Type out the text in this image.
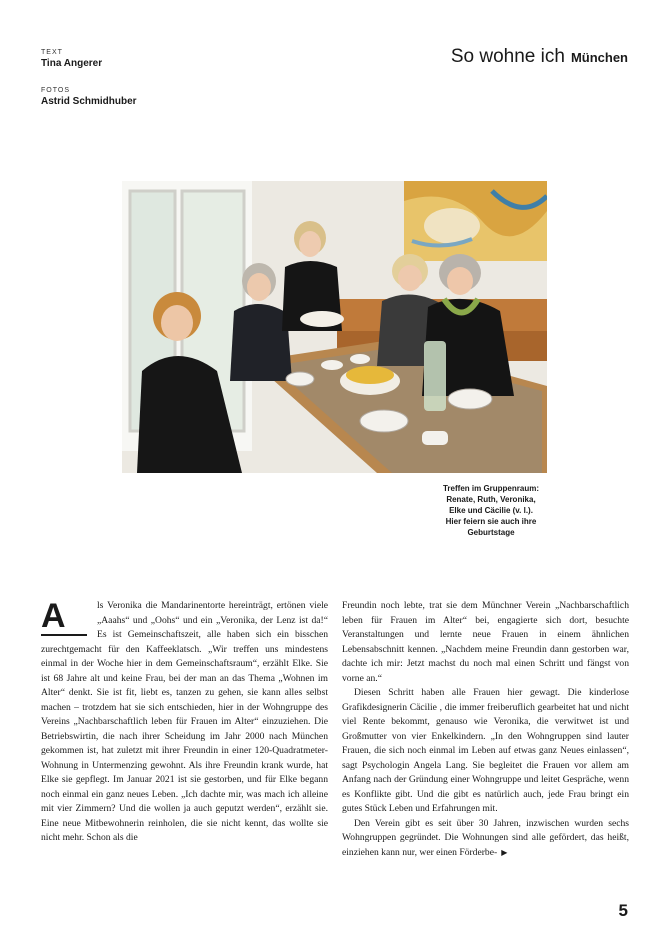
TEXT
Tina Angerer
FOTOS
Astrid Schmidhuber
So wohne ich München
Treffen im Gruppenraum:
Renate, Ruth, Veronika,
Elke und Cäcilie (v. l.).
Hier feiern sie auch ihre
Geburtstage

A	ls Veronika die Mandarinentorte hereinträgt, ertönen viele „Aaahs“ und „Oohs“ und ein „Veronika, der Lenz ist da!“ Es ist Gemeinschaftszeit, alle haben sich ein bisschen zurechtgemacht für den Kaffeeklatsch. „Wir treffen uns mindestens einmal in der Woche hier in dem Gemeinschaftsraum“, erzählt Elke. Sie ist 68 Jahre alt und keine Frau, bei der man an das Thema „Wohnen im Alter“ denkt. Sie ist fit, liebt es, tanzen zu gehen, sie kann alles selbst machen – trotzdem hat sie sich entschieden, hier in der Wohngruppe des Vereins „Nachbarschaftlich leben für Frauen im Alter“ einzuziehen. Die Betriebswirtin, die nach ihrer Scheidung im Jahr 2000 nach München gekommen ist, hat zuletzt mit ihrer Freundin in einer 120-Quadratmeter-Wohnung in Untermenzing gewohnt. Als ihre Freundin krank wurde, hat Elke sie gepflegt. Im Januar 2021 ist sie gestorben, und für Elke begann noch einmal ein ganz neues Leben. „Ich dachte mir, was mach ich alleine mit vier Zimmern? Und die wollen ja auch geputzt werden“, erzählt sie. Eine neue Mitbewohnerin reinholen, die sie nicht kennt, das wollte sie nicht mehr. Schon als die

Freundin noch lebte, trat sie dem Münchner Verein „Nachbarschaftlich leben für Frauen im Alter“ bei, engagierte sich dort, besuchte Veranstaltungen und lernte neue Frauen in einem ähnlichen Lebensabschnitt kennen. „Nachdem meine Freundin dann gestorben war, dachte ich mir: Jetzt machst du noch mal einen Schritt und fängst von vorne an.“

Diesen Schritt haben alle Frauen hier gewagt. Die kinderlose Grafikdesignerin Cäcilie , die immer freiberuflich gearbeitet hat und nicht viel Rente bekommt, genauso wie Veronika, die verwitwet ist und Großmutter von vier Enkelkindern. „In den Wohngruppen sind lauter Frauen, die sich noch einmal im Leben auf etwas ganz Neues einlassen“, sagt Psychologin Angela Lang. Sie begleitet die Frauen vor allem am Anfang nach der Gründung einer Wohngruppe und leitet Gespräche, wenn es Konflikte gibt. Und die gibt es natürlich auch, jede Frau bringt ein gutes Stück Leben und Erfahrungen mit.

Den Verein gibt es seit über 30 Jahren, inzwischen wurden sechs Wohngruppen gegründet. Die Wohnungen sind alle gefördert, das heißt, einziehen kann nur, wer einen Förderbe- ▶

5
